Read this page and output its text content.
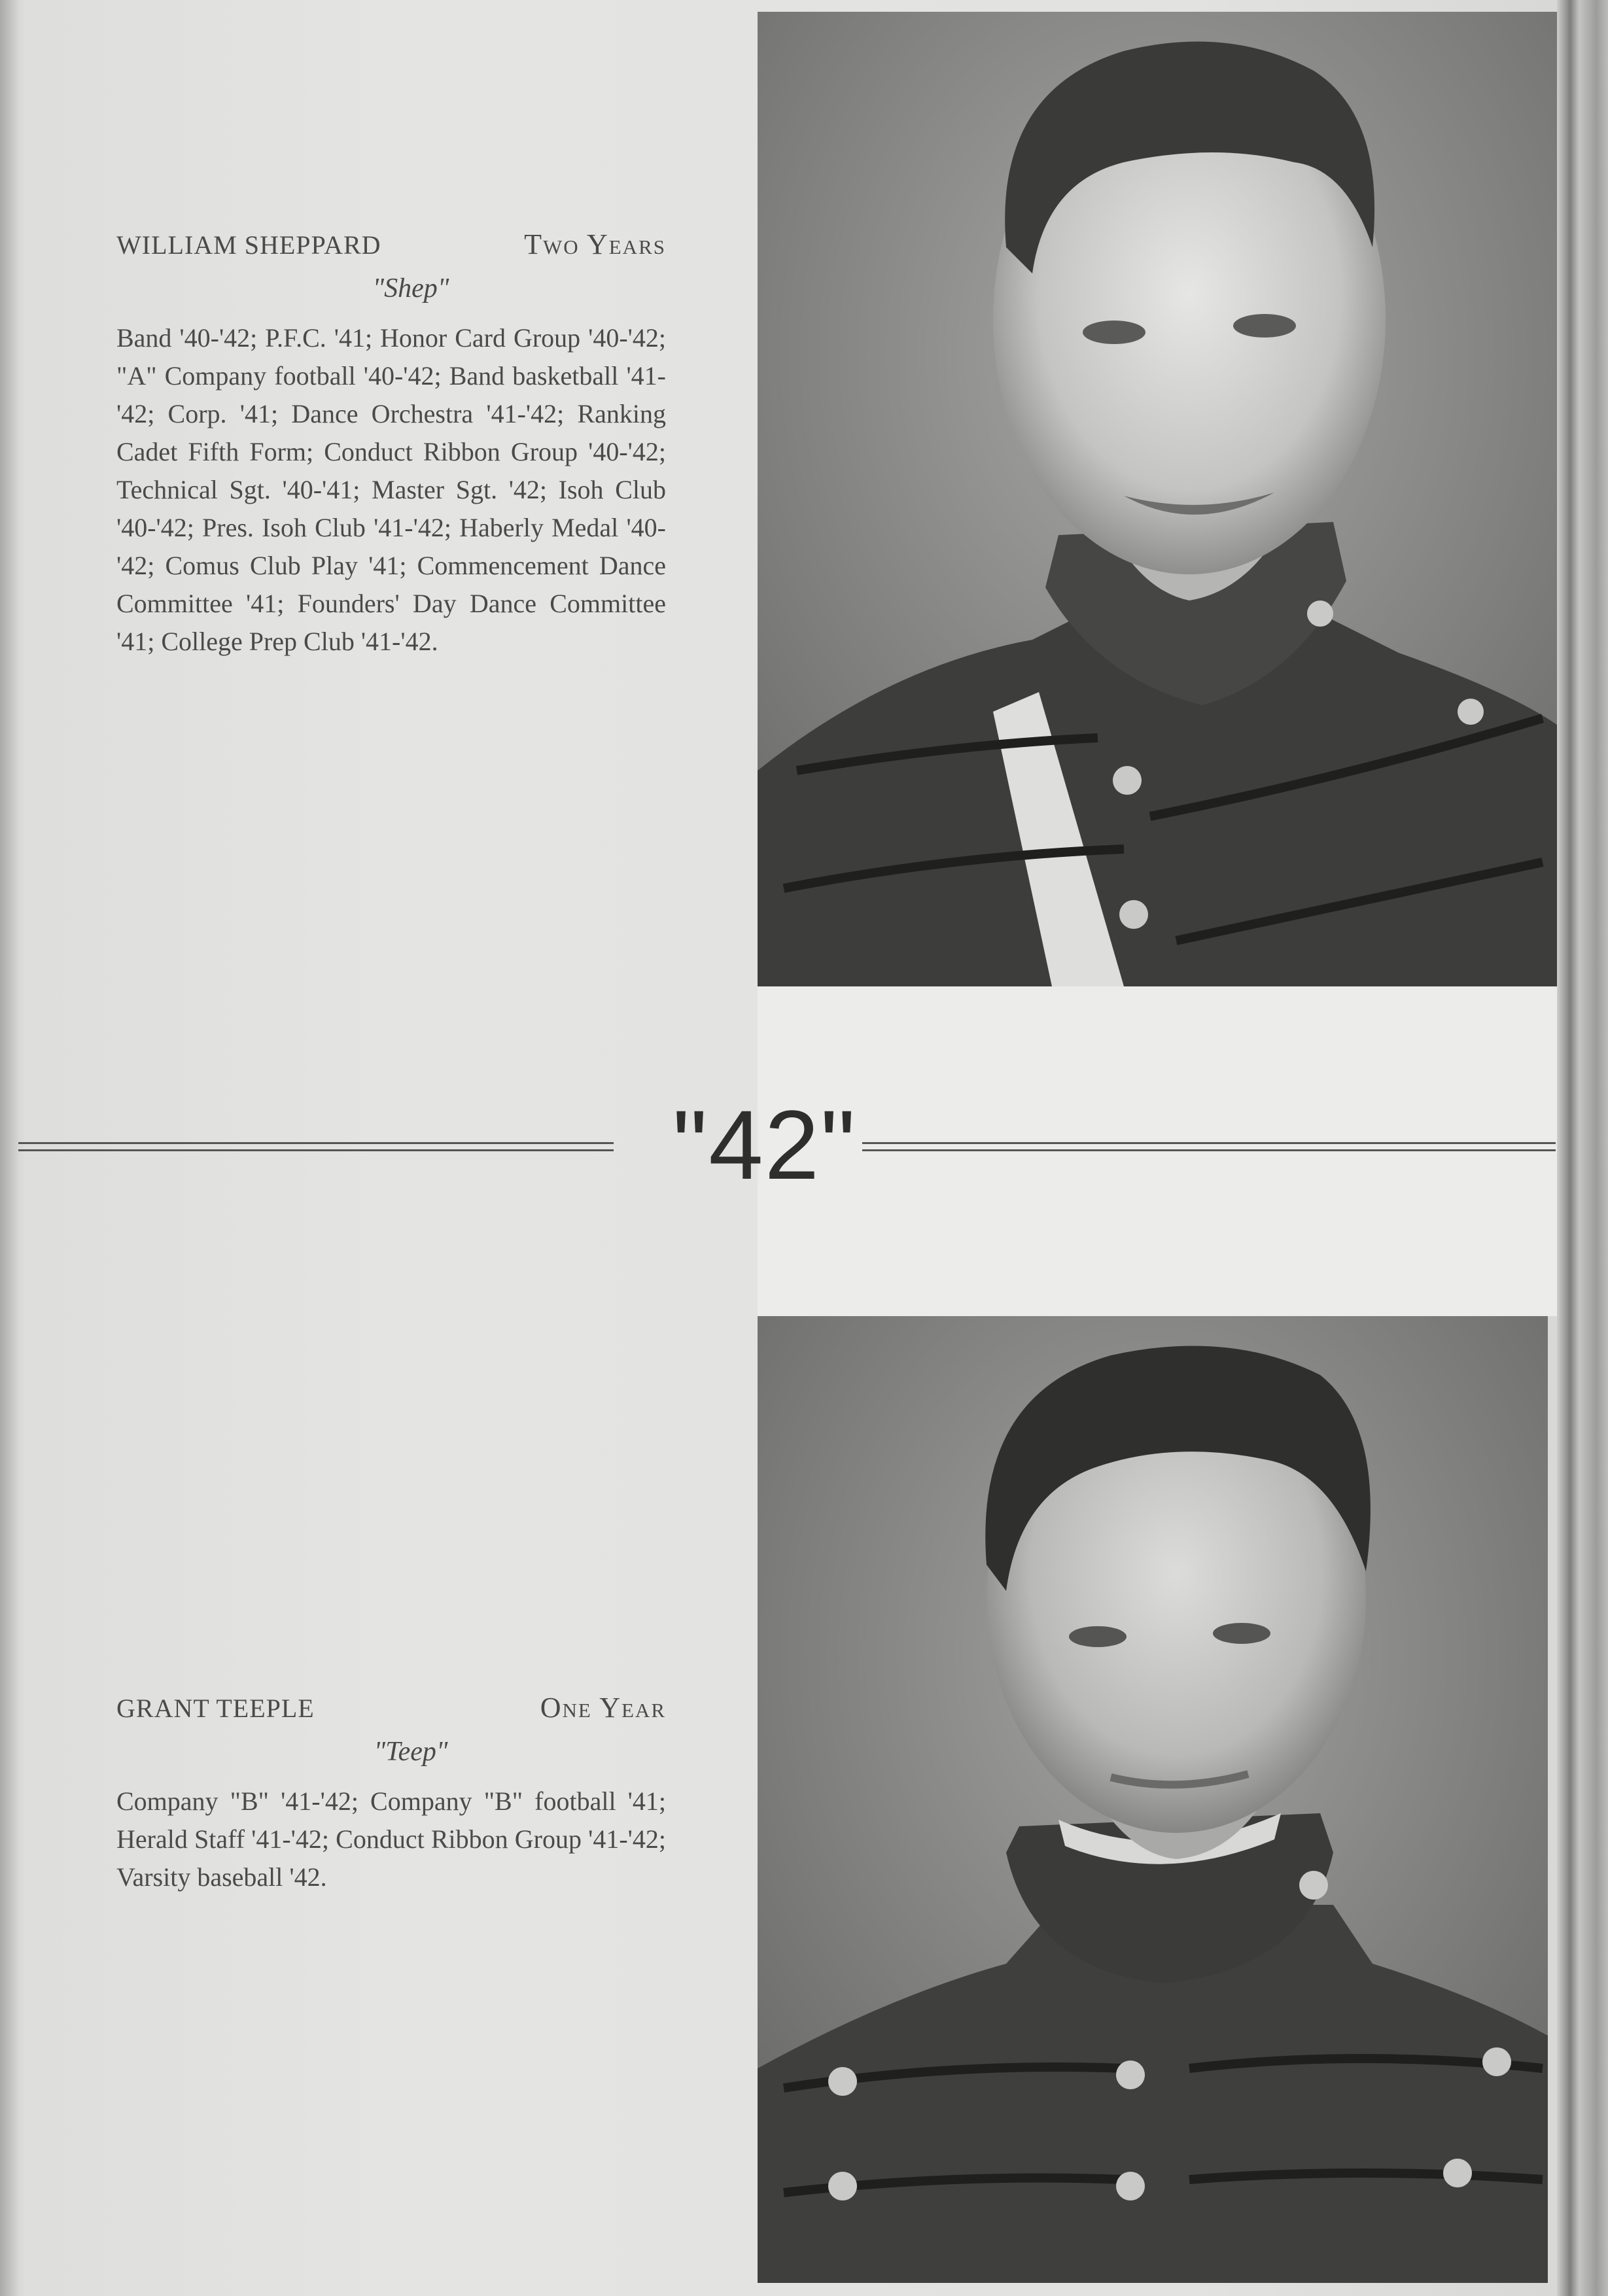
WILLIAM SHEPPARD	Two Years
"Shep"

Band '40-'42; P.F.C. '41; Honor Card Group '40-'42; "A" Company football '40-'42; Band basketball '41-'42; Corp. '41; Dance Orchestra '41-'42; Ranking Cadet Fifth Form; Conduct Ribbon Group '40-'42; Technical Sgt. '40-'41; Master Sgt. '42; Isoh Club '40-'42; Pres. Isoh Club '41-'42; Haberly Medal '40-'42; Comus Club Play '41; Commencement Dance Committee '41; Founders' Day Dance Committee '41; College Prep Club '41-'42.

"42"
GRANT TEEPLE	One Year
"Teep"

Company "B" '41-'42; Company "B" football '41; Herald Staff '41-'42; Conduct Ribbon Group '41-'42; Varsity baseball '42.
